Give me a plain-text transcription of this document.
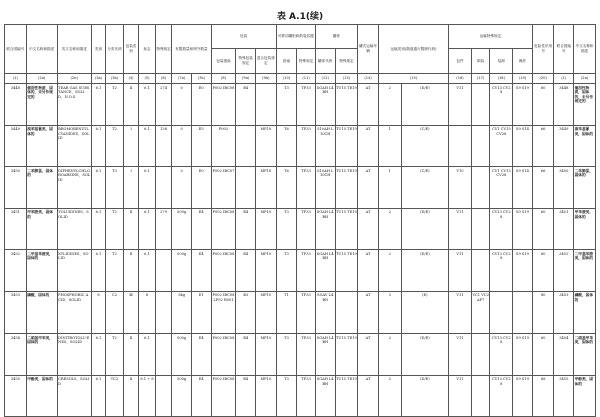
表 A.1(续)
联合国编号	中文名称和描述	英文名称和描述	类别	分类代码	包装类别	标志	特殊规定	有限数量和例外数量		包装			可移动罐柜和散装容器		罐体		罐式运输车辆	运输类别(隧道通行限制代码)		运输特殊规定				危险性识别号	联合国编号	中文名称和描述
										包装指南	特殊包装规定	混合包装规定	指南	特殊规定	罐体代码	特殊规定				包件	散装	装卸	操作			
(1)	(2a)	(2b)	(3a)	(3b)	(4)	(5)	(6)	(7a)	(7b)	(8)	(9a)	(9b)	(10)	(11)	(12)	(13)	(14)	(15)		(16)	(17)	(18)	(19)	(20)	(1)	(2a)
3448	催泪性物质，固体的，未另作规定的	TEAR GAS SUBSTANCE，SOLID，N.O.S.	6.1	T2	Ⅱ	6.1	274	0	E0	P002 IBC08	B4		T3	TP33	SGAH L4BH	TU15 TE19	AT	2	(D/E)	V11		CV13 CV28	S9 S19	60	3448	催泪性物质，固体的，未另作规定的
3449	溴苯基氰类，固体的	BROMOBENZYL CYANIDES，SOLID	6.1	T2	Ⅰ	6.1	138	0	E5	P002		MP18	T6	TP33	S10AH L10CH	TU15 TE19	AT	1	(C/E)			CV1 CV13 CV28	S9 S14	66	3449	溴苯基氰类，固体的
3450	二苯胂氯，固体的	DIPHENYLCHLO ROARSINE，SOLID	6.1	T3	Ⅰ	6.1		0	E0	P002 IBC07		MP18	T6	TP33	S10AH L10CH	TU15 TE19	AT	1	(C/E)	V10		CV1 CV13 CV28	S9 S14	66	3450	二苯胂氯，固体的
3451	甲苯胺类，固体的	TOLUIDINES，SOLID	6.1	T2	Ⅱ	6.1	279	500g	E4	P002 IBC08	B4	MP10	T3	TP33	SGAH L4BH	TU15 TE19	AT	2	(D/E)	V11		CV13 CV28	S9 S19	60	3451	甲苯胺类，固体的
3452	二甲基苯胺类，固体的	XYLIDINES，SOLID	6.1	T2	Ⅱ	6.1		500g	E4	P002 IBC08	B4	MP10	T3	TP33	SGAH L4BH	TU15 TE19	AT	2	(D/E)	V11		CV13 CV28	S9 S19	60	3452	二甲基苯胺类，固体的
3453	磷酸，固体的	PHOSPHORIC ACID，SOLID	8	C2	Ⅲ	8		5kg	E1	P002 IBC08 LP02 R001	B3	MP10	T1	TP33	SGAV L4BN		AT	3	(E)	V11	VC1 VC2 AP7			80	3453	磷酸，固体的
3454	二硝基甲苯类，固体的	DINITROTOLU-ENES，SOLID	6.1	T2	Ⅱ	6.1		500g	E4	P002 IBC08	B4	MP10	T3	TP33	SGAH L4BH	TU15 TE19	AT	2	(D/E)	V11		CV13 CV28	S9 S19	60	3454	二硝基甲苯类，固体的
3455	甲酚类，固体的	CRESOLS，SOLID	6.1	TC2	Ⅱ	6.1 + 8		500g	E4	P002 IBC08	B4	MP10	T3	TP33	SGAH L4BH	TU15 TE19	AT	2	(D/E)	V11		CV13 CV28	S9 S19	68	3455	甲酚类，固体的
